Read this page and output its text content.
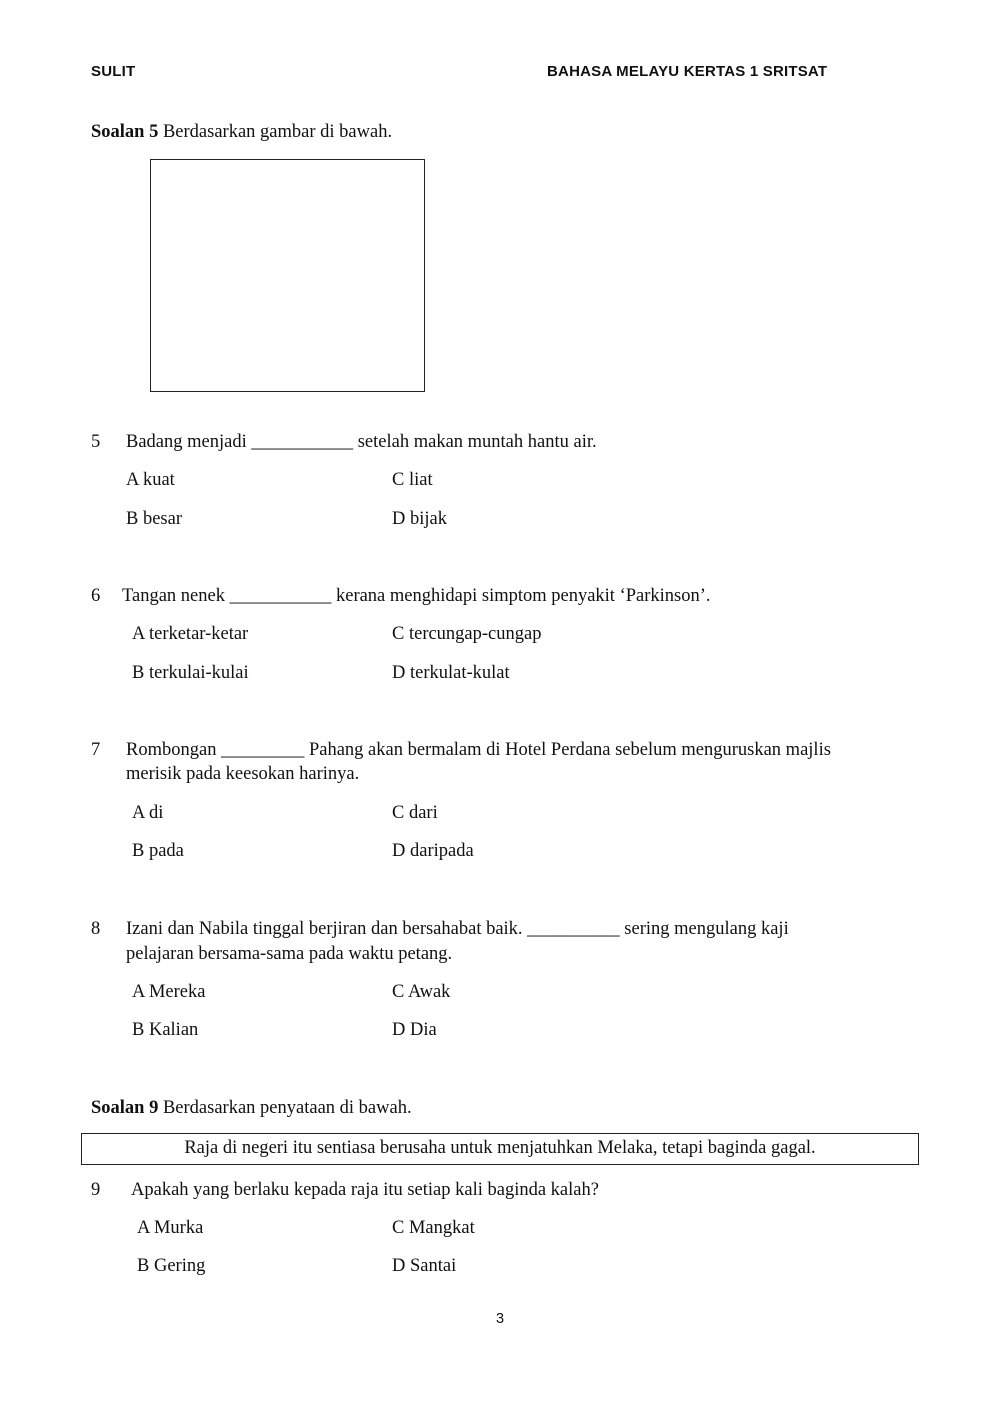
SULIT	BAHASA MELAYU KERTAS 1 SRITSAT
Soalan 5 Berdasarkan gambar di bawah.
5 Badang menjadi ___________ setelah makan muntah hantu air.
A kuat	C liat
B besar	D bijak
6 Tangan nenek ___________ kerana menghidapi simptom penyakit ‘Parkinson’.
A terketar-ketar	C tercungap-cungap
B terkulai-kulai	D terkulat-kulat
7 Rombongan _________ Pahang akan bermalam di Hotel Perdana sebelum menguruskan majlis
merisik pada keesokan harinya.
A di	C dari
B pada	D daripada
8 Izani dan Nabila tinggal berjiran dan bersahabat baik. __________ sering mengulang kaji
pelajaran bersama-sama pada waktu petang.
A Mereka	C Awak
B Kalian	D Dia
Soalan 9 Berdasarkan penyataan di bawah.
Raja di negeri itu sentiasa berusaha untuk menjatuhkan Melaka, tetapi baginda gagal.
9 Apakah yang berlaku kepada raja itu setiap kali baginda kalah?
A Murka	C Mangkat
B Gering	D Santai
3
